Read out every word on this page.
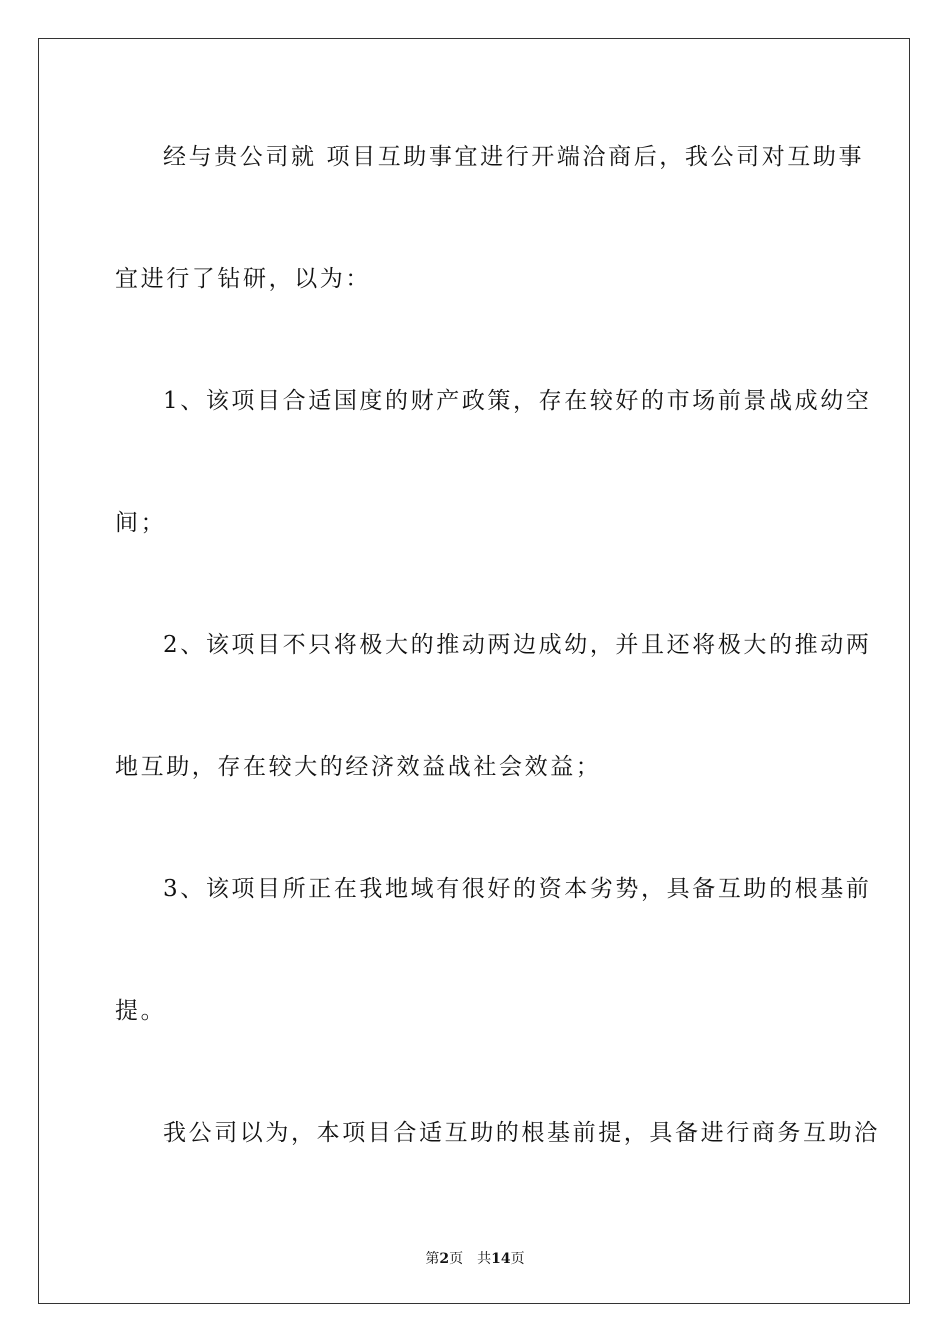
经与贵公司就 项目互助事宜进行开端洽商后，我公司对互助事
宜进行了钻研，以为：
1、该项目合适国度的财产政策，存在较好的市场前景战成幼空
间；
2、该项目不只将极大的推动两边成幼，并且还将极大的推动两
地互助，存在较大的经济效益战社会效益；
3、该项目所正在我地域有很好的资本劣势，具备互助的根基前
提。
我公司以为，本项目合适互助的根基前提，具备进行商务互助洽
第2页 共14页
